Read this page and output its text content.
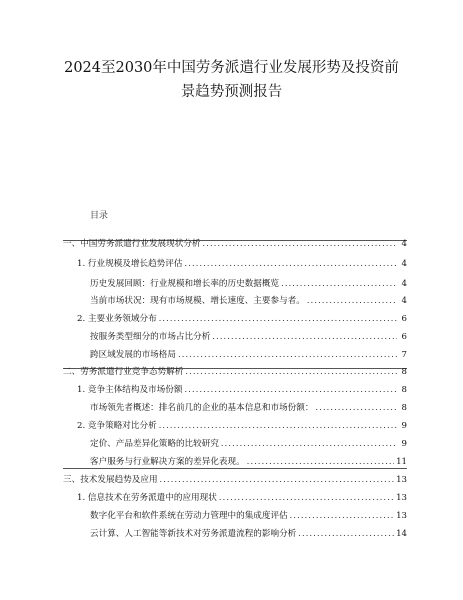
2024至2030年中国劳务派遣行业发展形势及投资前
景趋势预测报告
目录
一、中国劳务派遣行业发展现状分析 .....	4
1. 行业规模及增长趋势评估 .....	4
历史发展回顾：行业规模和增长率的历史数据概览 .....	4
当前市场状况：现有市场规模、增长速度、主要参与者。 .....	4
2. 主要业务领域分布 .....	6
按服务类型细分的市场占比分析 .....	6
跨区域发展的市场格局 .....	7
二、劳务派遣行业竞争态势解析 .....	8
1. 竞争主体结构及市场份额 .....	8
市场领先者概述：排名前几的企业的基本信息和市场份额： .....	8
2. 竞争策略对比分析 .....	9
定价、产品差异化策略的比较研究 .....	9
客户服务与行业解决方案的差异化表现。 .....	11
三、技术发展趋势及应用 .....	13
1. 信息技术在劳务派遣中的应用现状 .....	13
数字化平台和软件系统在劳动力管理中的集成度评估 .....	13
云计算、人工智能等新技术对劳务派遣流程的影响分析 .....	14
